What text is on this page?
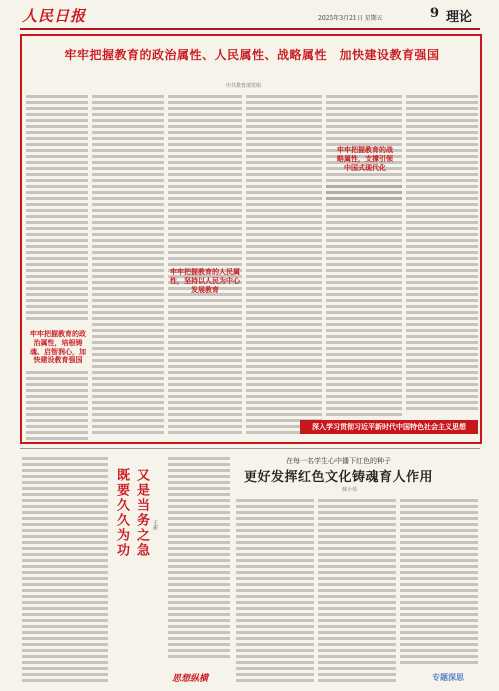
人民日报	2025年3月21日 星期五	9 理论
牢牢把握教育的政治属性、人民属性、战略属性　加快建设教育强国
中共教育部党组
牢牢把握教育的政治属性，培根铸魂、启智润心，加快建设教育强国
牢牢把握教育的人民属性，坚持以人民为中心发展教育
牢牢把握教育的战略属性，支撑引领中国式现代化
深入学习贯彻习近平新时代中国特色社会主义思想
既要久久为功 又是当务之急 王新
思想纵横
在每一名学生心中播下红色的种子
更好发挥红色文化铸魂育人作用
韩小伟
专题深思
